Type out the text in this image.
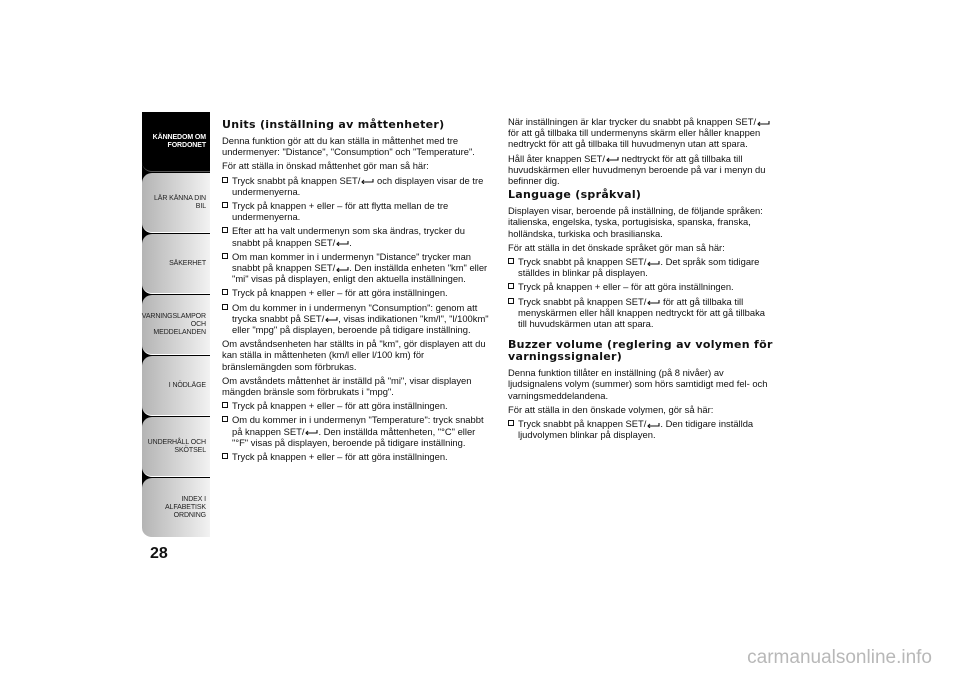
KÄNNEDOM OM FORDONET
LÄR KÄNNA DIN BIL
SÄKERHET
VARNINGSLAMPOR OCH MEDDELANDEN
I NÖDLÄGE
UNDERHÅLL OCH SKÖTSEL
INDEX I ALFABETISK ORDNING
28
Units (inställning av måttenheter)

Denna funktion gör att du kan ställa in måttenhet med tre undermenyer: "Distance", "Consumption" och "Temperature".

För att ställa in önskad måttenhet gör man så här:

Tryck snabbt på knappen SET/ och displayen visar de tre undermenyerna.
Tryck på knappen + eller – för att flytta mellan de tre undermenyerna.
Efter att ha valt undermenyn som ska ändras, trycker du snabbt på knappen SET/ .
Om man kommer in i undermenyn "Distance" trycker man snabbt på knappen SET/ . Den inställda enheten "km" eller "mi" visas på displayen, enligt den aktuella inställningen.
Tryck på knappen + eller – för att göra inställningen.
Om du kommer in i undermenyn "Consumption": genom att trycka snabbt på SET/ , visas indikationen "km/l", "l/100km" eller "mpg" på displayen, beroende på tidigare inställning.

Om avståndsenheten har ställts in på "km", gör displayen att du kan ställa in måttenheten (km/l eller l/100 km) för bränslemängden som förbrukas.

Om avståndets måttenhet är inställd på "mi", visar displayen mängden bränsle som förbrukats i "mpg".

Tryck på knappen + eller – för att göra inställningen.
Om du kommer in i undermenyn "Temperature": tryck snabbt på knappen SET/ . Den inställda måttenheten, "°C" eller "°F" visas på displayen, beroende på tidigare inställning.
Tryck på knappen + eller – för att göra inställningen.

När inställningen är klar trycker du snabbt på knappen SET/ för att gå tillbaka till undermenyns skärm eller håller knappen nedtryckt för att gå tillbaka till huvudmenyn utan att spara.

Håll åter knappen SET/ nedtryckt för att gå tillbaka till huvudskärmen eller huvudmenyn beroende på var i menyn du befinner dig.

Language (språkval)

Displayen visar, beroende på inställning, de följande språken: italienska, engelska, tyska, portugisiska, spanska, franska, holländska, turkiska och brasilianska.

För att ställa in det önskade språket gör man så här:

Tryck snabbt på knappen SET/ . Det språk som tidigare ställdes in blinkar på displayen.
Tryck på knappen + eller – för att göra inställningen.
Tryck snabbt på knappen SET/ för att gå tillbaka till menyskärmen eller håll knappen nedtryckt för att gå tillbaka till huvudskärmen utan att spara.
Buzzer volume (reglering av volymen för varningssignaler)

Denna funktion tillåter en inställning (på 8 nivåer) av ljudsignalens volym (summer) som hörs samtidigt med fel- och varningsmeddelandena.

För att ställa in den önskade volymen, gör så här:

Tryck snabbt på knappen SET/ . Den tidigare inställda ljudvolymen blinkar på displayen.
carmanualsonline.info
